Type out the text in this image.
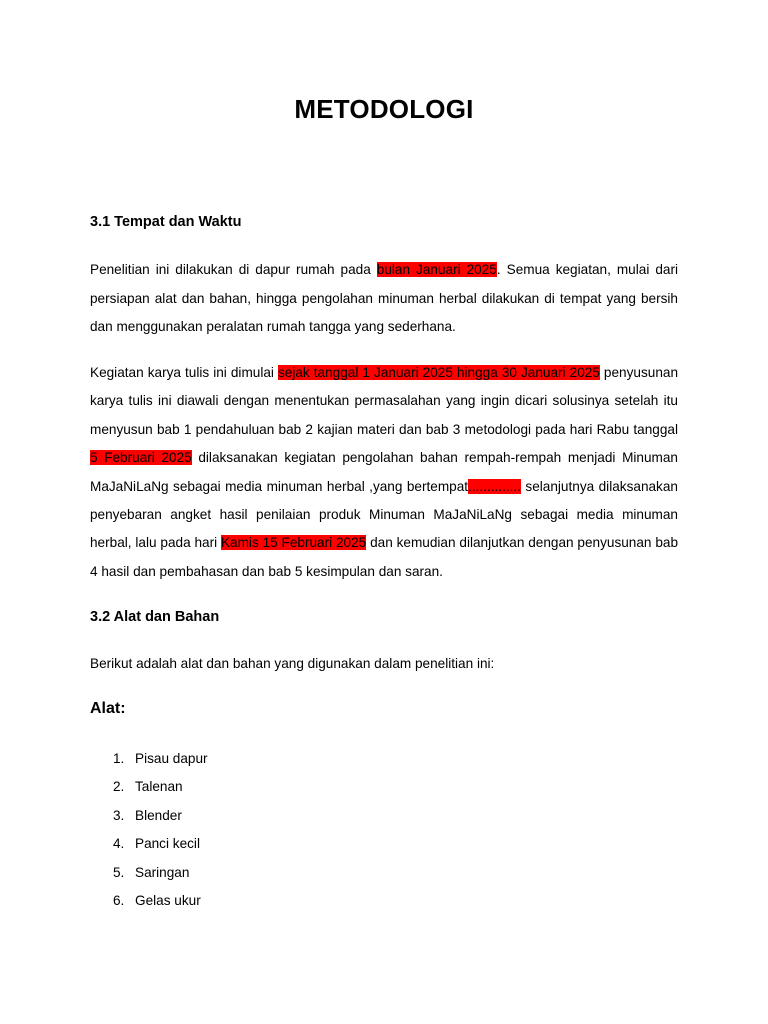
METODOLOGI
3.1 Tempat dan Waktu
Penelitian ini dilakukan di dapur rumah pada bulan Januari 2025. Semua kegiatan, mulai dari persiapan alat dan bahan, hingga pengolahan minuman herbal dilakukan di tempat yang bersih dan menggunakan peralatan rumah tangga yang sederhana.
Kegiatan karya tulis ini dimulai sejak tanggal 1 Januari 2025 hingga 30 Januari 2025 penyusunan karya tulis ini diawali dengan menentukan permasalahan yang ingin dicari solusinya setelah itu menyusun bab 1 pendahuluan bab 2 kajian materi dan bab 3 metodologi pada hari Rabu tanggal 5 Februari 2025 dilaksanakan kegiatan pengolahan bahan rempah-rempah menjadi Minuman MaJaNiLaNg sebagai media minuman herbal ,yang bertempat.............. selanjutnya dilaksanakan penyebaran angket hasil penilaian produk Minuman MaJaNiLaNg sebagai media minuman herbal, lalu pada hari Kamis 15 Februari 2025 dan kemudian dilanjutkan dengan penyusunan bab 4 hasil dan pembahasan dan bab 5 kesimpulan dan saran.
3.2 Alat dan Bahan
Berikut adalah alat dan bahan yang digunakan dalam penelitian ini:
Alat:
1. Pisau dapur
2. Talenan
3. Blender
4. Panci kecil
5. Saringan
6. Gelas ukur
